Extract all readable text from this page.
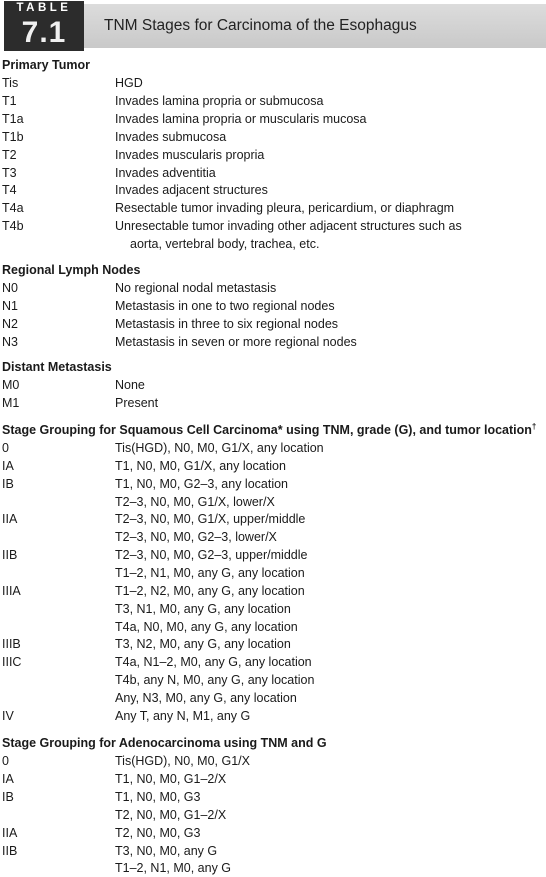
TABLE
7.1	TNM Stages for Carcinoma of the Esophagus
Primary Tumor
Tis	HGD
T1	Invades lamina propria or submucosa
T1a	Invades lamina propria or muscularis mucosa
T1b	Invades submucosa
T2	Invades muscularis propria
T3	Invades adventitia
T4	Invades adjacent structures
T4a	Resectable tumor invading pleura, pericardium, or diaphragm
T4b	Unresectable tumor invading other adjacent structures such as
aorta, vertebral body, trachea, etc.
Regional Lymph Nodes
N0	No regional nodal metastasis
N1	Metastasis in one to two regional nodes
N2	Metastasis in three to six regional nodes
N3	Metastasis in seven or more regional nodes
Distant Metastasis
M0	None
M1	Present
Stage Grouping for Squamous Cell Carcinoma* using TNM, grade (G), and tumor location†
0	Tis(HGD), N0, M0, G1/X, any location
IA	T1, N0, M0, G1/X, any location
IB	T1, N0, M0, G2–3, any location
T2–3, N0, M0, G1/X, lower/X
IIA	T2–3, N0, M0, G1/X, upper/middle
T2–3, N0, M0, G2–3, lower/X
IIB	T2–3, N0, M0, G2–3, upper/middle
T1–2, N1, M0, any G, any location
IIIA	T1–2, N2, M0, any G, any location
T3, N1, M0, any G, any location
T4a, N0, M0, any G, any location
IIIB	T3, N2, M0, any G, any location
IIIC	T4a, N1–2, M0, any G, any location
T4b, any N, M0, any G, any location
Any, N3, M0, any G, any location
IV	Any T, any N, M1, any G
Stage Grouping for Adenocarcinoma using TNM and G
0	Tis(HGD), N0, M0, G1/X
IA	T1, N0, M0, G1–2/X
IB	T1, N0, M0, G3
T2, N0, M0, G1–2/X
IIA	T2, N0, M0, G3
IIB	T3, N0, M0, any G
T1–2, N1, M0, any G
